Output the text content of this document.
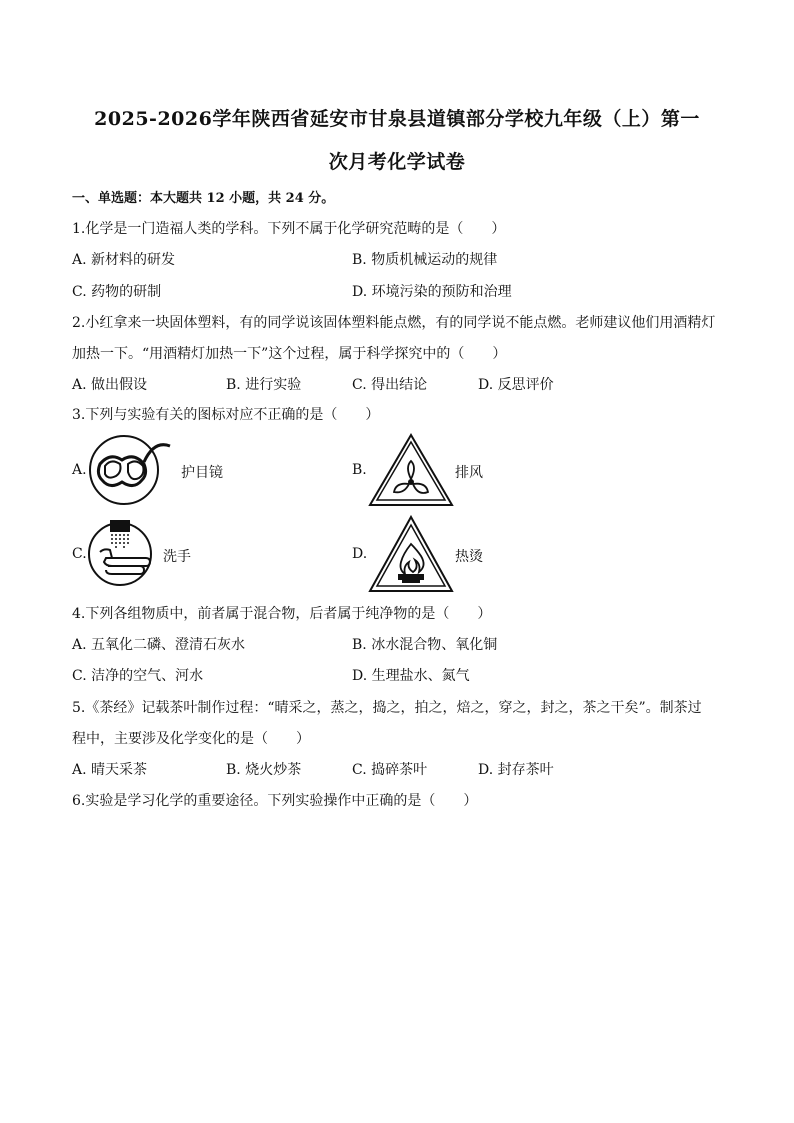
2025-2026学年陕西省延安市甘泉县道镇部分学校九年级（上）第一
次月考化学试卷
一、单选题：本大题共 12 小题，共 24 分。
1.化学是一门造福人类的学科。下列不属于化学研究范畴的是（　　）
A. 新材料的研发	B. 物质机械运动的规律
C. 药物的研制	D. 环境污染的预防和治理
2.小红拿来一块固体塑料，有的同学说该固体塑料能点燃，有的同学说不能点燃。老师建议他们用酒精灯
加热一下。“用酒精灯加热一下”这个过程，属于科学探究中的（　　）
A. 做出假设	B. 进行实验	C. 得出结论	D. 反思评价
3.下列与实验有关的图标对应不正确的是（　　）
A.	护目镜	B.	排风
C.	洗手	D.	热烫
4.下列各组物质中，前者属于混合物，后者属于纯净物的是（　　）
A. 五氧化二磷、澄清石灰水	B. 冰水混合物、氧化铜
C. 洁净的空气、河水	D. 生理盐水、氮气
5.《茶经》记载茶叶制作过程：“晴采之，蒸之，捣之，拍之，焙之，穿之，封之，茶之干矣”。制茶过
程中，主要涉及化学变化的是（　　）
A. 晴天采茶	B. 烧火炒茶	C. 捣碎茶叶	D. 封存茶叶
6.实验是学习化学的重要途径。下列实验操作中正确的是（　　）
